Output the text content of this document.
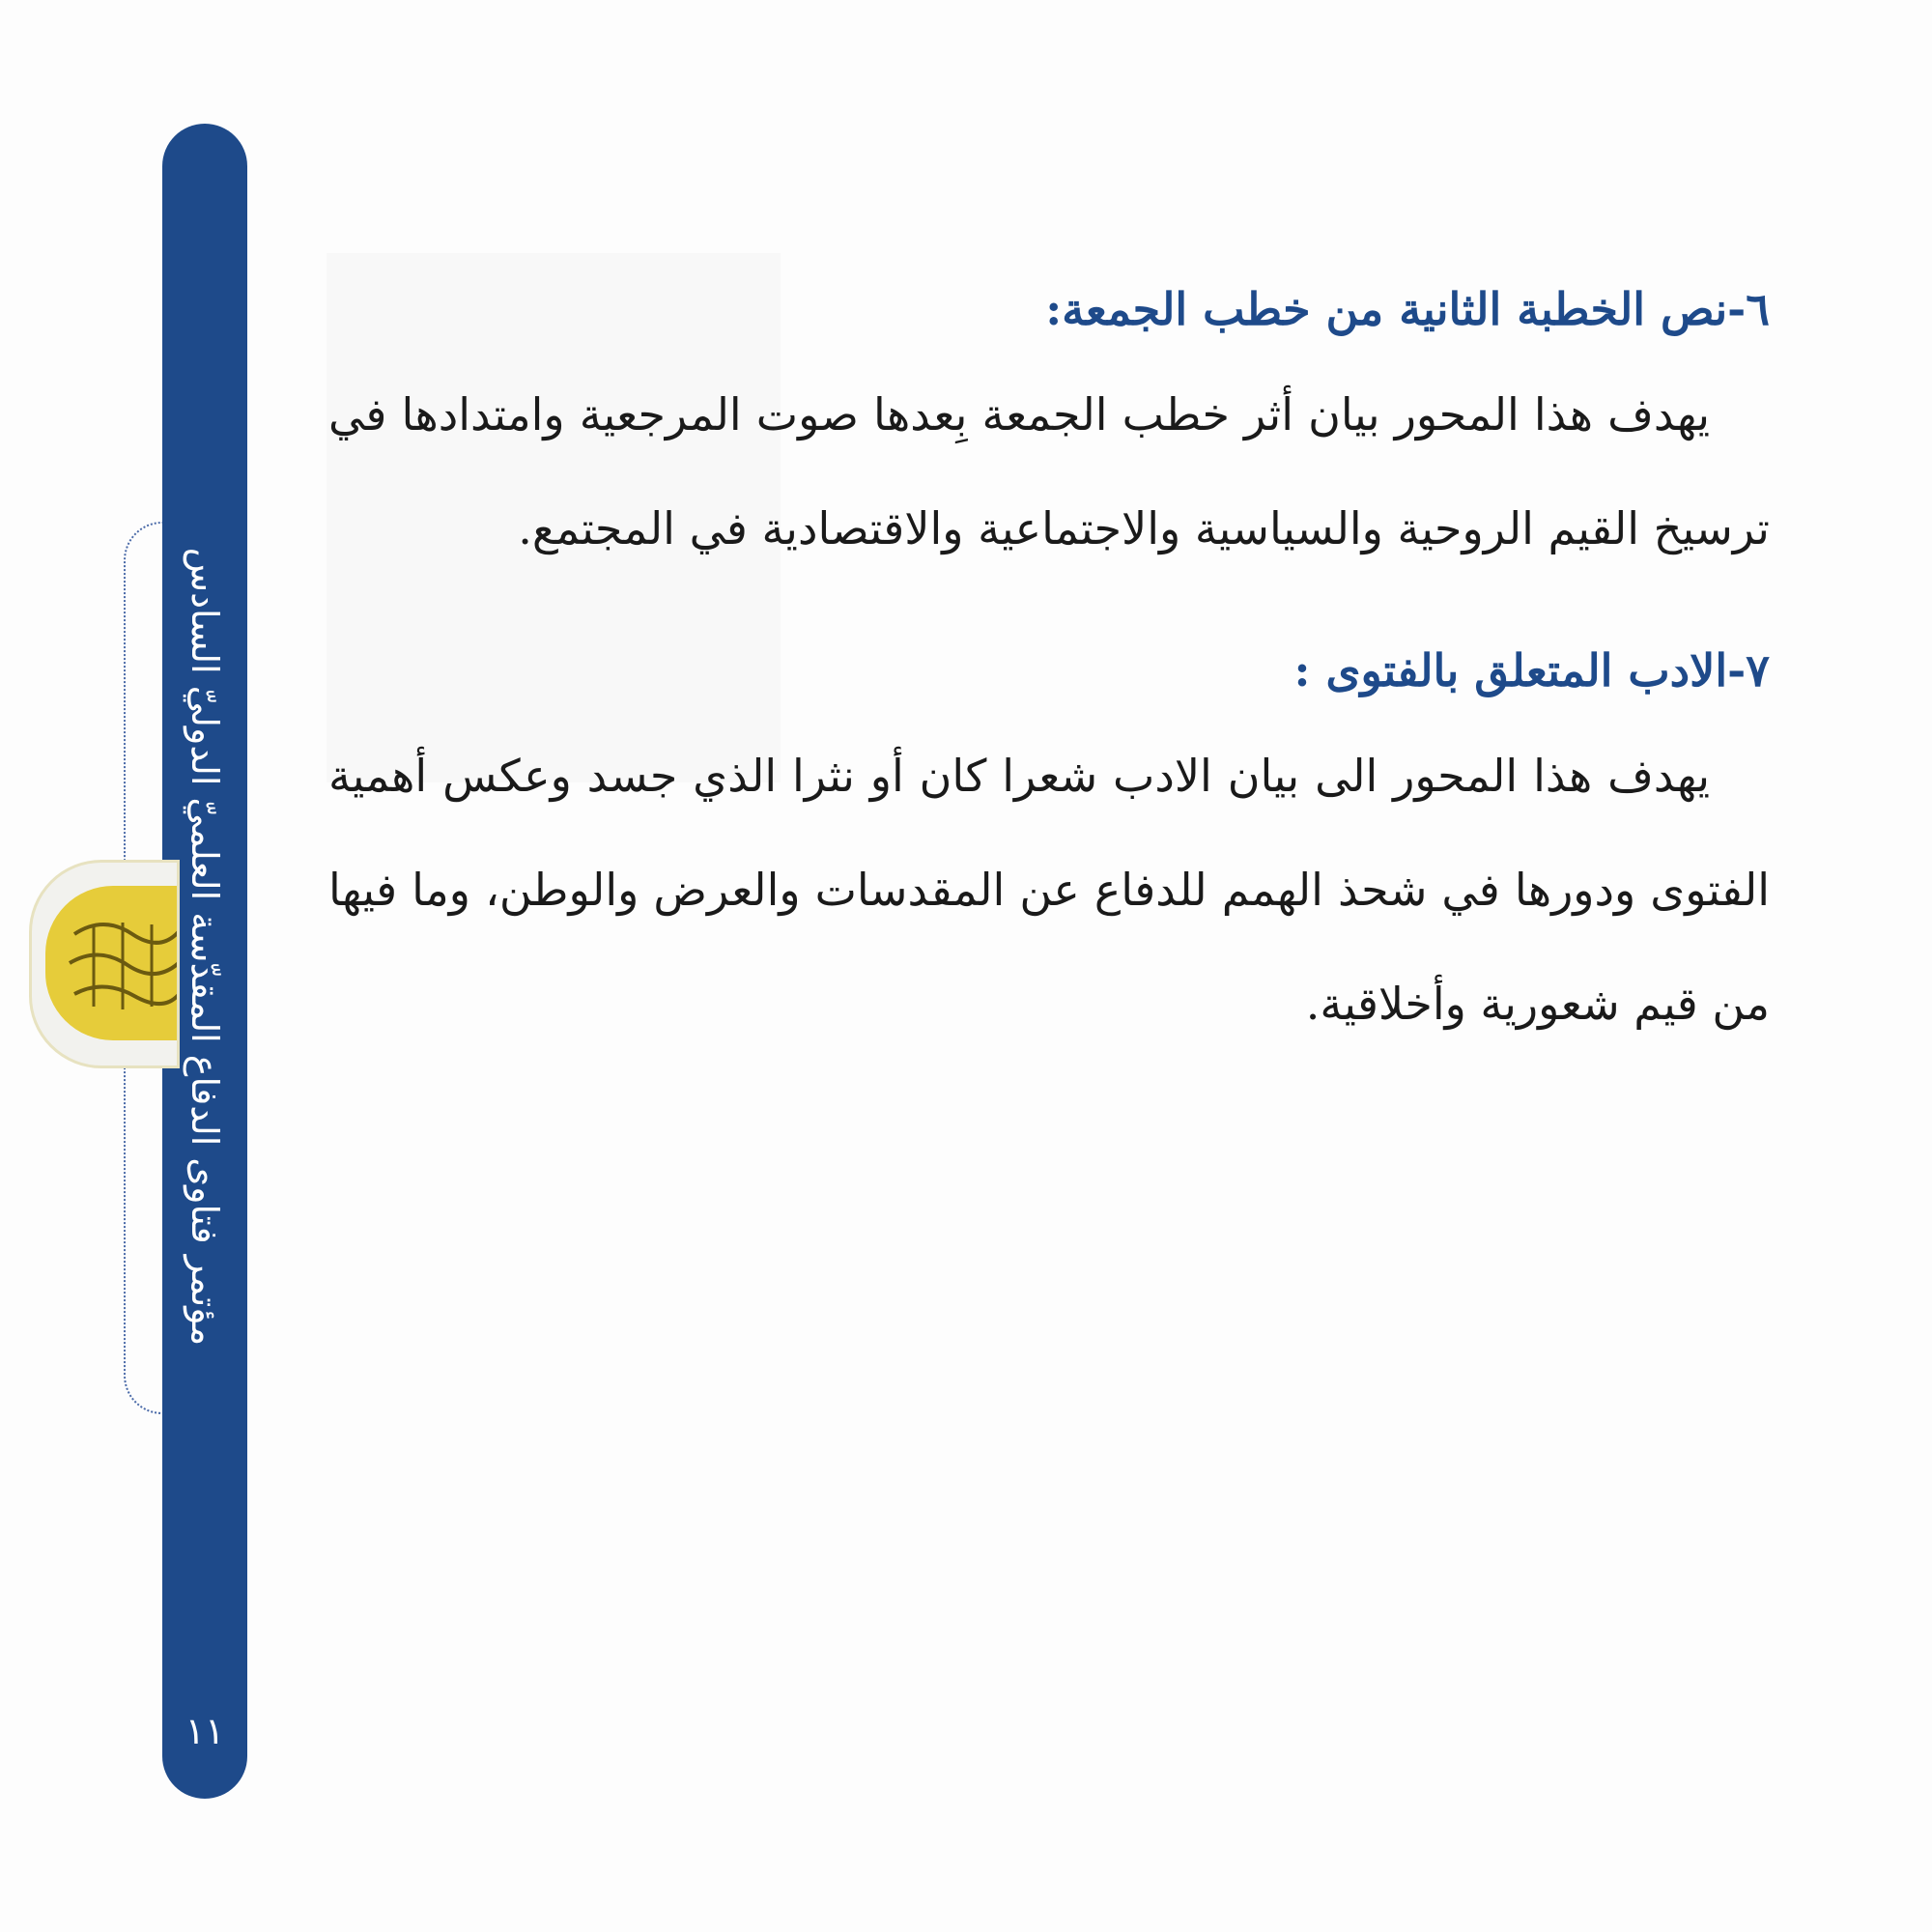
مؤتمر فتاوى الدفاع المقدّسة العلميّ الدوليّ السادس
١١
٦-نص الخطبة الثانية من خطب الجمعة:

يهدف هذا المحور بيان أثر خطب الجمعة بِعدها صوت المرجعية وامتدادها في ترسيخ القيم الروحية والسياسية والاجتماعية والاقتصادية في المجتمع.

٧-الادب المتعلق بالفتوى :

يهدف هذا المحور الى بيان الادب شعرا كان أو نثرا الذي جسد وعكس أهمية الفتوى ودورها في شحذ الهمم للدفاع عن المقدسات والعرض والوطن، وما فيها من قيم شعورية وأخلاقية.
